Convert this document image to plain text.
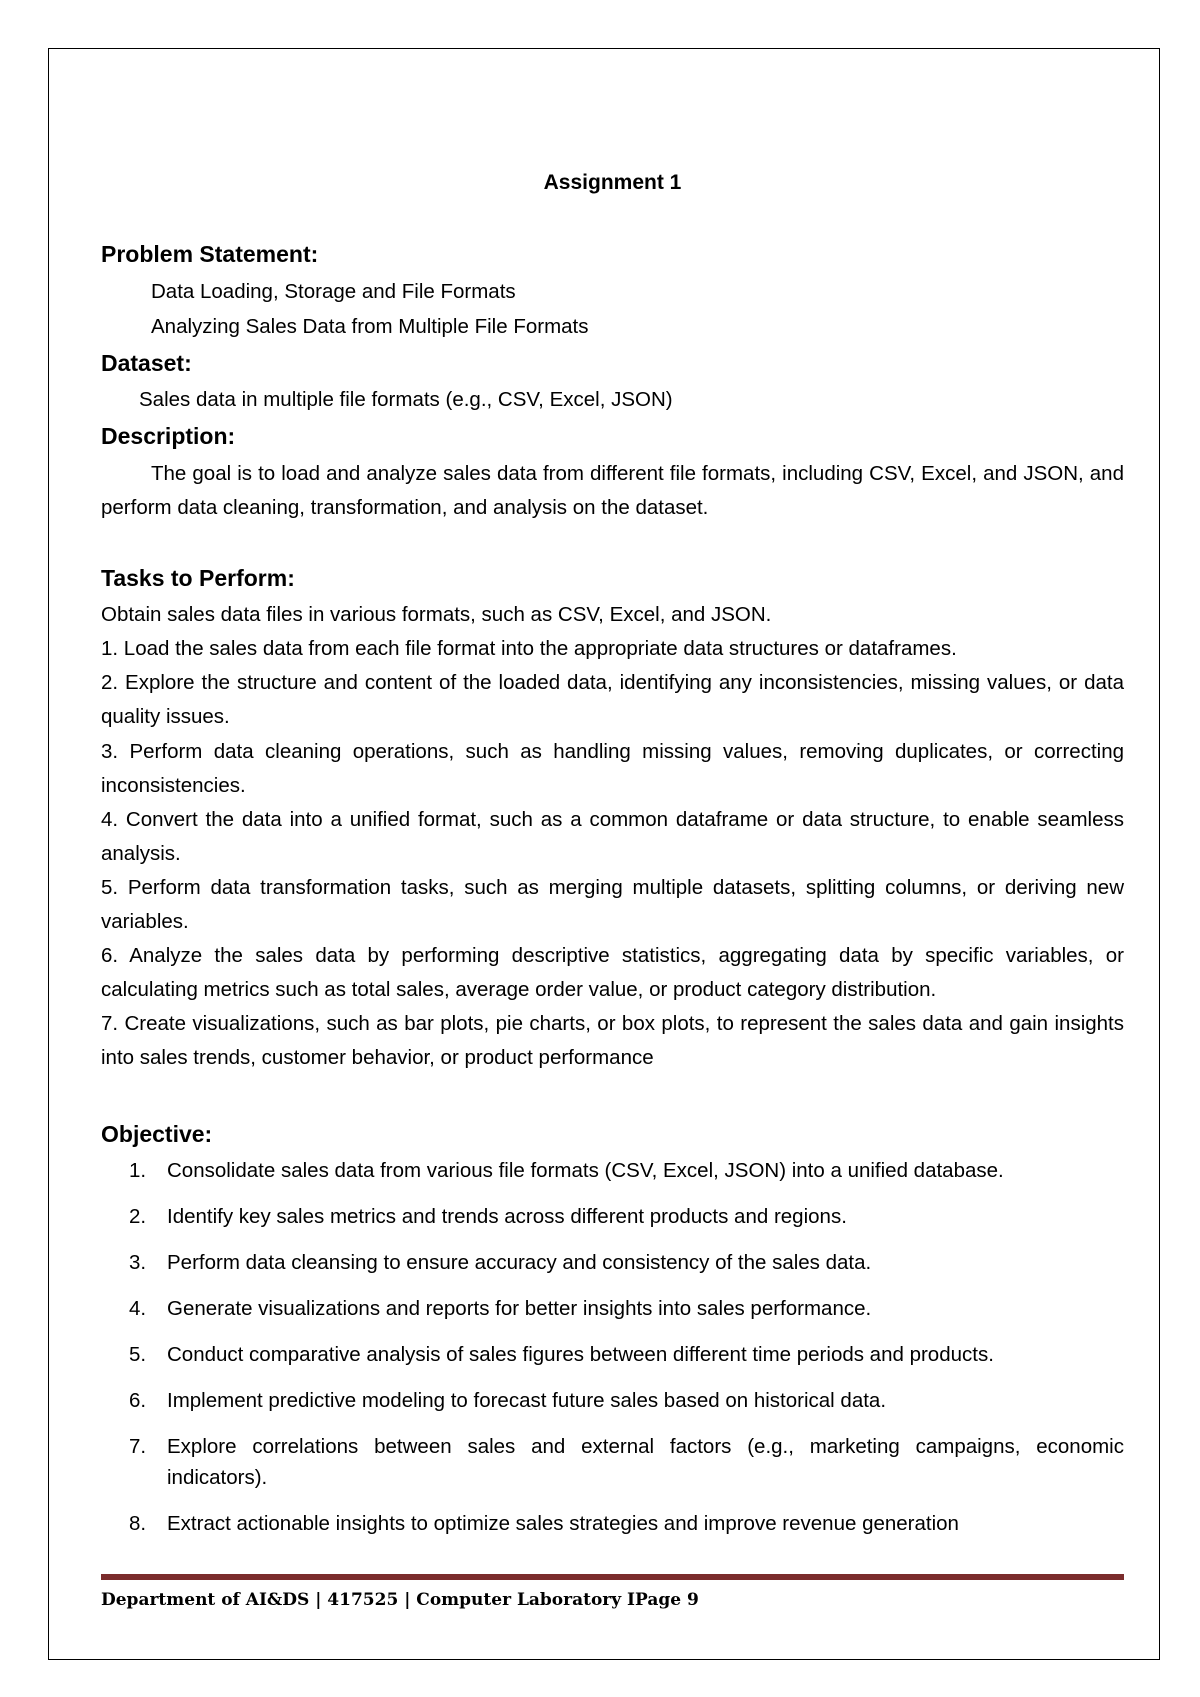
Assignment 1
Problem Statement:
Data Loading, Storage and File Formats
Analyzing Sales Data from Multiple File Formats
Dataset:
Sales data in multiple file formats (e.g., CSV, Excel, JSON)
Description:
The goal is to load and analyze sales data from different file formats, including CSV, Excel, and JSON, and perform data cleaning, transformation, and analysis on the dataset.
Tasks to Perform:
Obtain sales data files in various formats, such as CSV, Excel, and JSON.
1. Load the sales data from each file format into the appropriate data structures or dataframes.
2. Explore the structure and content of the loaded data, identifying any inconsistencies, missing values, or data quality issues.
3. Perform data cleaning operations, such as handling missing values, removing duplicates, or correcting inconsistencies.
4. Convert the data into a unified format, such as a common dataframe or data structure, to enable seamless analysis.
5. Perform data transformation tasks, such as merging multiple datasets, splitting columns, or deriving new variables.
6. Analyze the sales data by performing descriptive statistics, aggregating data by specific variables, or calculating metrics such as total sales, average order value, or product category distribution.
7. Create visualizations, such as bar plots, pie charts, or box plots, to represent the sales data and gain insights into sales trends, customer behavior, or product performance
Objective:
1. Consolidate sales data from various file formats (CSV, Excel, JSON) into a unified database.
2. Identify key sales metrics and trends across different products and regions.
3. Perform data cleansing to ensure accuracy and consistency of the sales data.
4. Generate visualizations and reports for better insights into sales performance.
5. Conduct comparative analysis of sales figures between different time periods and products.
6. Implement predictive modeling to forecast future sales based on historical data.
7. Explore correlations between sales and external factors (e.g., marketing campaigns, economic indicators).
8. Extract actionable insights to optimize sales strategies and improve revenue generation
Department of AI&DS | 417525 | Computer Laboratory IPage 9
